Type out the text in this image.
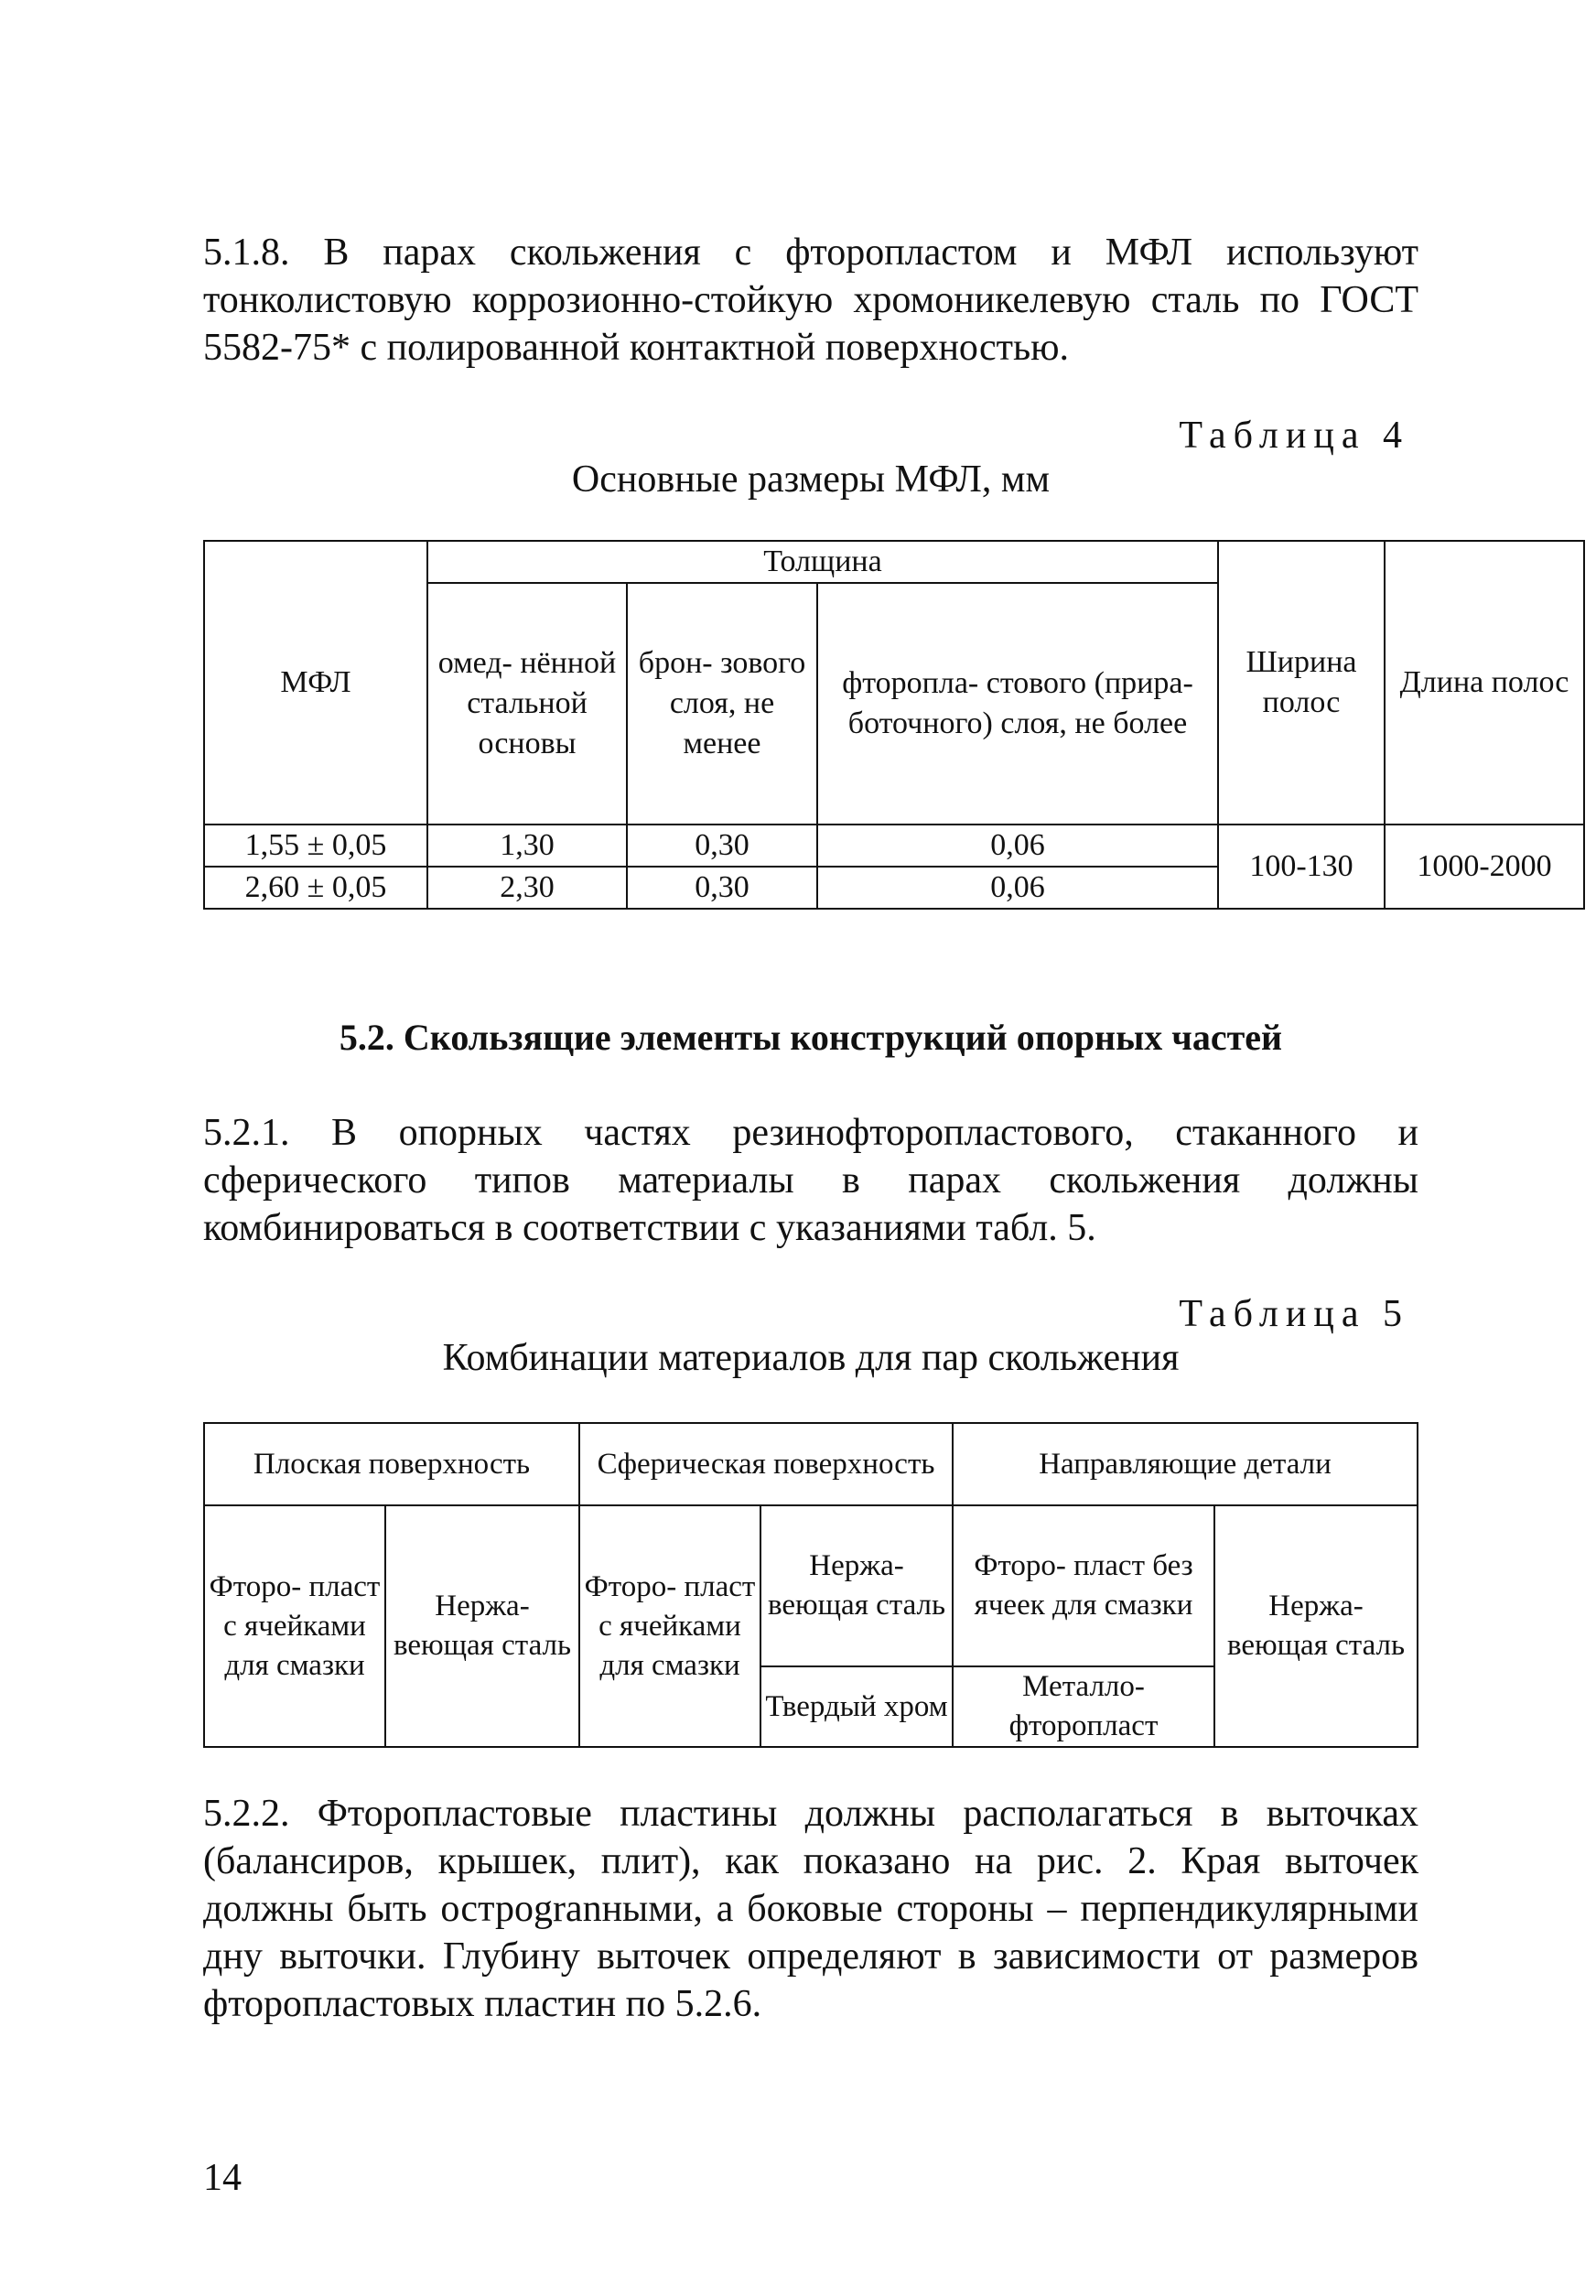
5.1.8. В парах скольжения с фторопластом и МФЛ используют тонколистовую коррозионно-стойкую хромоникелевую сталь по ГОСТ 5582-75* с полированной контактной поверхностью.

Таблица 4

Основные размеры МФЛ, мм

МФЛ	Толщина			Ширина полос	Длина полос
	омед- нённой стальной основы	брон- зового слоя, не менее	фторопла- стового (прира- боточного) слоя, не более		
1,55 ± 0,05	1,30	0,30	0,06	100-130	1000-2000
2,60 ± 0,05	2,30	0,30	0,06		

5.2. Скользящие элементы конструкций опорных частей

5.2.1. В опорных частях резинофторопластового, стаканного и сферического типов материалы в парах скольжения должны комбинироваться в соответствии с указаниями табл. 5.

Таблица 5

Комбинации материалов для пар скольжения

Плоская поверхность		Сферическая поверхность		Направляющие детали	
Фторо- пласт с ячейками для смазки	Нержа- веющая сталь	Фторо- пласт с ячейками для смазки	Нержа- веющая сталь	Фторо- пласт без ячеек для смазки	Нержа- веющая сталь
			Твердый хром	Металло- фторопласт	

5.2.2. Фторопластовые пластины должны располагаться в выточках (балансиров, крышек, плит), как показано на рис. 2. Края выточек должны быть остроgranными, а боковые стороны – перпендикулярными дну выточки. Глубину выточек определяют в зависимости от размеров фторопластовых пластин по 5.2.6.

14
